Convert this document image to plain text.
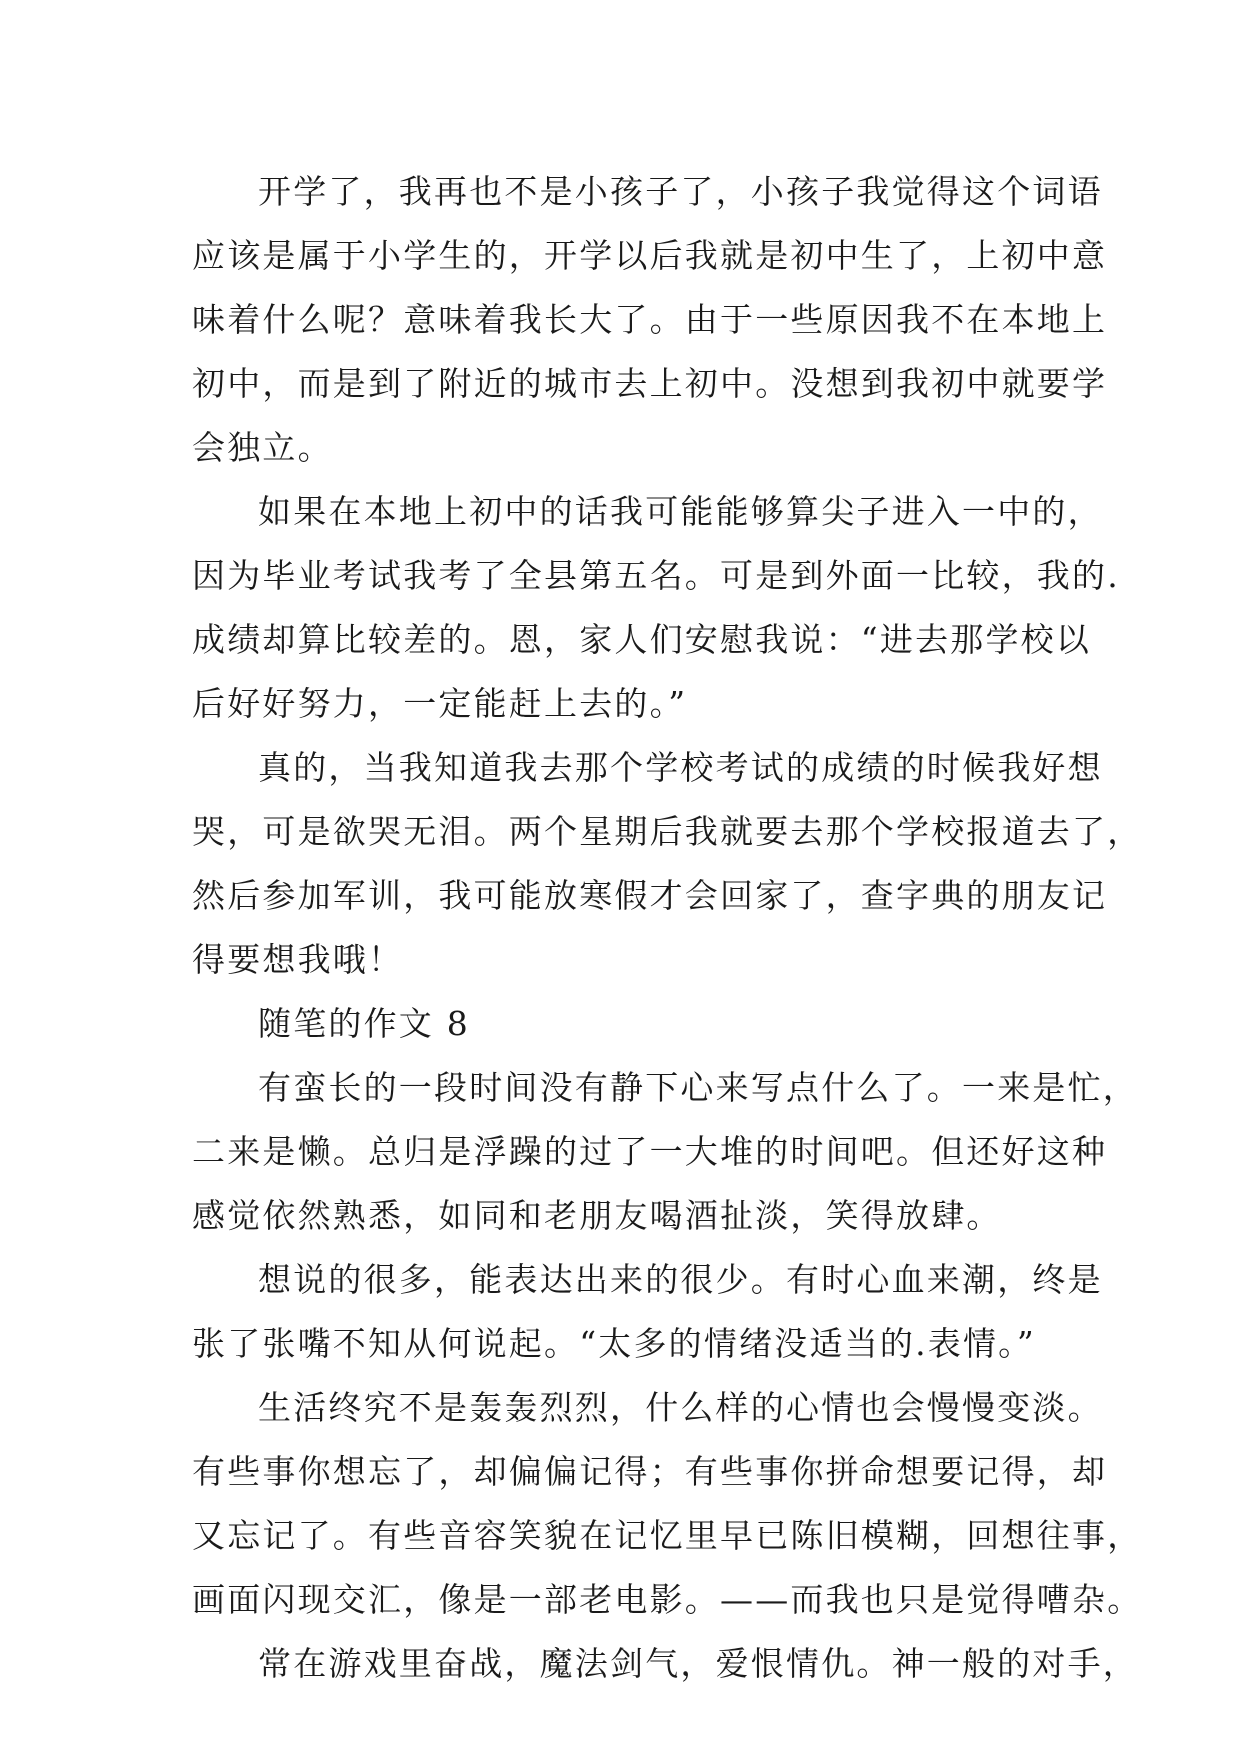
开学了，我再也不是小孩子了，小孩子我觉得这个词语
应该是属于小学生的，开学以后我就是初中生了，上初中意
味着什么呢？意味着我长大了。由于一些原因我不在本地上
初中，而是到了附近的城市去上初中。没想到我初中就要学
会独立。
如果在本地上初中的话我可能能够算尖子进入一中的，
因为毕业考试我考了全县第五名。可是到外面一比较，我的.
成绩却算比较差的。恩，家人们安慰我说：“进去那学校以
后好好努力，一定能赶上去的。”
真的，当我知道我去那个学校考试的成绩的时候我好想
哭，可是欲哭无泪。两个星期后我就要去那个学校报道去了，
然后参加军训，我可能放寒假才会回家了，查字典的朋友记
得要想我哦！
随笔的作文 8
有蛮长的一段时间没有静下心来写点什么了。一来是忙，
二来是懒。总归是浮躁的过了一大堆的时间吧。但还好这种
感觉依然熟悉，如同和老朋友喝酒扯淡，笑得放肆。
想说的很多，能表达出来的很少。有时心血来潮，终是
张了张嘴不知从何说起。“太多的情绪没适当的.表情。”
生活终究不是轰轰烈烈，什么样的心情也会慢慢变淡。
有些事你想忘了，却偏偏记得；有些事你拼命想要记得，却
又忘记了。有些音容笑貌在记忆里早已陈旧模糊，回想往事，
画面闪现交汇，像是一部老电影。——而我也只是觉得嘈杂。
常在游戏里奋战，魔法剑气，爱恨情仇。神一般的对手，
